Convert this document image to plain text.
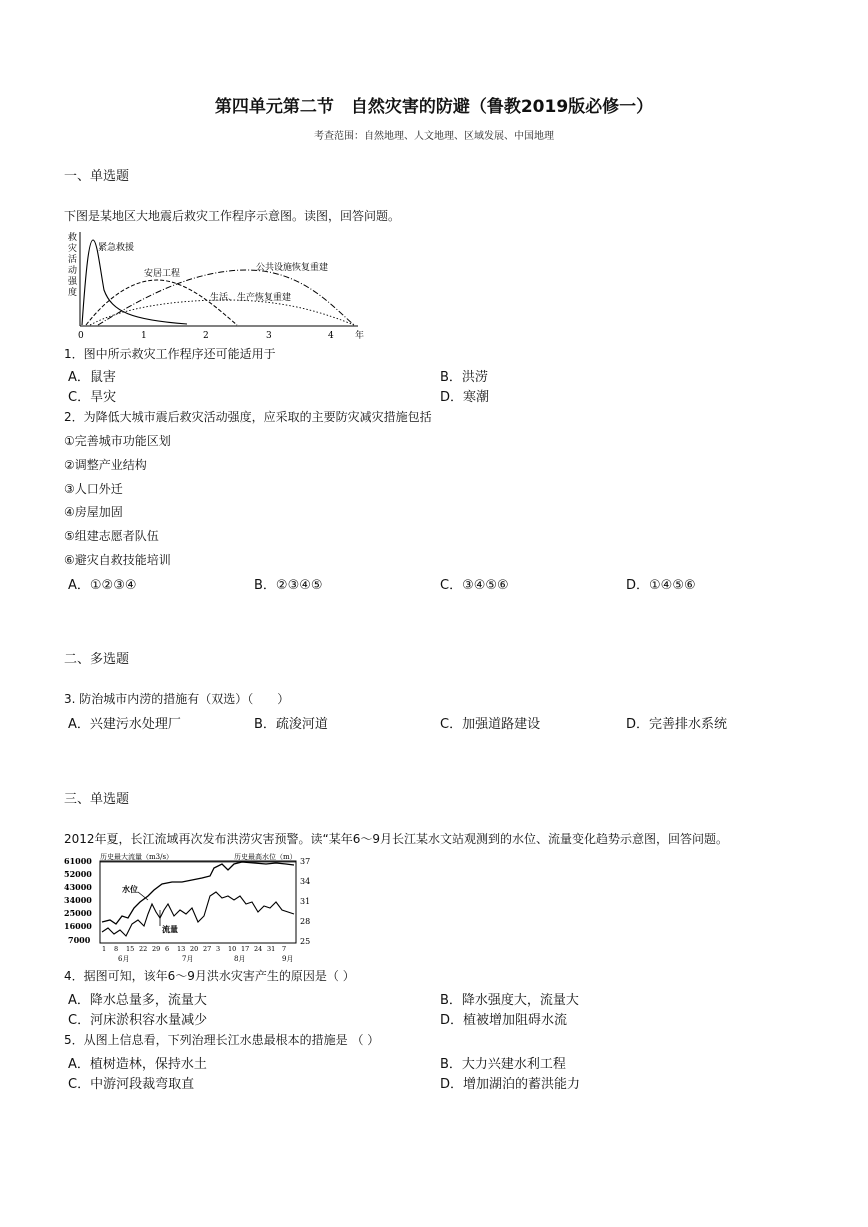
第四单元第二节　自然灾害的防避（鲁教2019版必修一）
考查范围：自然地理、人文地理、区域发展、中国地理
一、单选题
下图是某地区大地震后救灾工作程序示意图。读图，回答问题。
救
灾
活
动
强
度
0	1	2	3	4 年
紧急救援
安居工程
公共设施恢复重建
生活、生产恢复重建
1．图中所示救灾工作程序还可能适用于
A．鼠害	B．洪涝
C．旱灾	D．寒潮
2．为降低大城市震后救灾活动强度，应采取的主要防灾减灾措施包括
①完善城市功能区划
②调整产业结构
③人口外迁
④房屋加固
⑤组建志愿者队伍
⑥避灾自救技能培训
A．①②③④	B．②③④⑤	C．③④⑤⑥	D．①④⑤⑥
二、多选题
3. 防治城市内涝的措施有（双选）（　　）
A．兴建污水处理厂	B．疏浚河道	C．加强道路建设	D．完善排水系统
三、单选题
2012年夏，长江流域再次发布洪涝灾害预警。读“某年6～9月长江某水文站观测到的水位、流量变化趋势示意图，回答问题。
历史最大流量（m3/s）	历史最高水位（m）
61000
52000
43000
34000
25000
16000
7000
37
34
31
28
25
水位
流量
1 8 15 22 29 6 13 20 27 3 10 17 24 31 7
6月	7月	8月	9月
4．据图可知，该年6～9月洪水灾害产生的原因是（ ）
A．降水总量多，流量大	B．降水强度大，流量大
C．河床淤积容水量减少	D．植被增加阻碍水流
5．从图上信息看，下列治理长江水患最根本的措施是 （ ）
A．植树造林，保持水土	B．大力兴建水利工程
C．中游河段裁弯取直	D．增加湖泊的蓄洪能力
